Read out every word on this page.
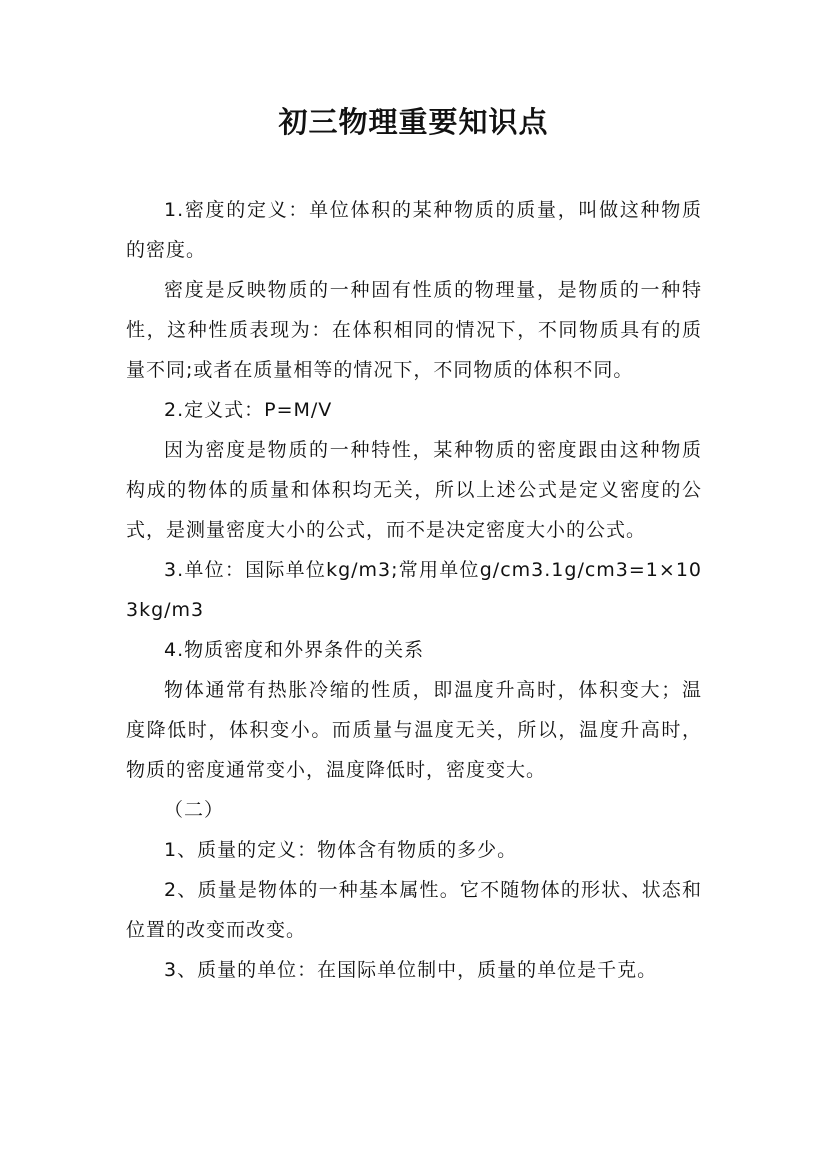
初三物理重要知识点

1.密度的定义：单位体积的某种物质的质量，叫做这种物质的密度。

密度是反映物质的一种固有性质的物理量，是物质的一种特性，这种性质表现为：在体积相同的情况下，不同物质具有的质量不同;或者在质量相等的情况下，不同物质的体积不同。

2.定义式：P=M/V

因为密度是物质的一种特性，某种物质的密度跟由这种物质构成的物体的质量和体积均无关，所以上述公式是定义密度的公式，是测量密度大小的公式，而不是决定密度大小的公式。

3.单位：国际单位kg/m3;常用单位g/cm3.1g/cm3=1×103kg/m3

4.物质密度和外界条件的关系

物体通常有热胀冷缩的性质，即温度升高时，体积变大；温度降低时，体积变小。而质量与温度无关，所以，温度升高时，物质的密度通常变小，温度降低时，密度变大。

（二）

1、质量的定义：物体含有物质的多少。

2、质量是物体的一种基本属性。它不随物体的形状、状态和位置的改变而改变。

3、质量的单位：在国际单位制中，质量的单位是千克。
